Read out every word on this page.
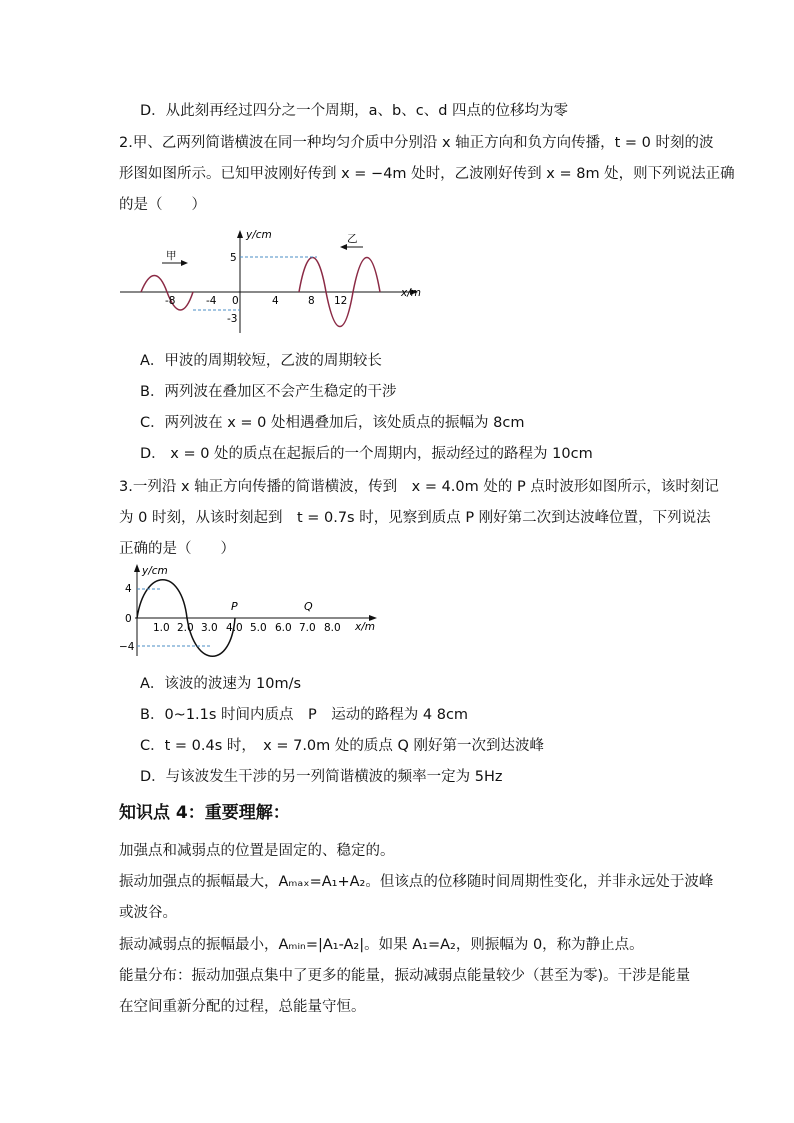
D．从此刻再经过四分之一个周期，a、b、c、d 四点的位移均为零
2.甲、乙两列简谐横波在同一种均匀介质中分别沿 x 轴正方向和负方向传播，t = 0 时刻的波
形图如图所示。已知甲波刚好传到 x = −4m 处时，乙波刚好传到 x = 8m 处，则下列说法正确
的是（　　）
y/cm
x/m
-8	-4 0	4	8 12
5
-3
甲
乙
A．甲波的周期较短，乙波的周期较长
B．两列波在叠加区不会产生稳定的干涉
C．两列波在 x = 0 处相遇叠加后，该处质点的振幅为 8cm
D． x = 0 处的质点在起振后的一个周期内，振动经过的路程为 10cm
3.一列沿 x 轴正方向传播的简谐横波，传到　x = 4.0m 处的 P 点时波形如图所示，该时刻记
为 0 时刻，从该时刻起到　t = 0.7s 时，见察到质点 P 刚好第二次到达波峰位置，下列说法
正确的是（　　）
y/cm
x/m
4
0
−4
1.0 2.0 3.0 4.0 5.0 6.0 7.0 8.0
P	Q
A．该波的波速为 10m/s
B．0~1.1s 时间内质点　P　运动的路程为 4 8cm
C．t = 0.4s 时，　x = 7.0m 处的质点 Q 刚好第一次到达波峰
D．与该波发生干涉的另一列简谐横波的频率一定为 5Hz
知识点 4：重要理解：
加强点和减弱点的位置是固定的、稳定的。
振动加强点的振幅最大，Aₘₐₓ=A₁+A₂。但该点的位移随时间周期性变化，并非永远处于波峰
或波谷。
振动减弱点的振幅最小，Aₘᵢₙ=|A₁-A₂|。如果 A₁=A₂，则振幅为 0，称为静止点。
能量分布：振动加强点集中了更多的能量，振动减弱点能量较少（甚至为零)。干涉是能量
在空间重新分配的过程，总能量守恒。
